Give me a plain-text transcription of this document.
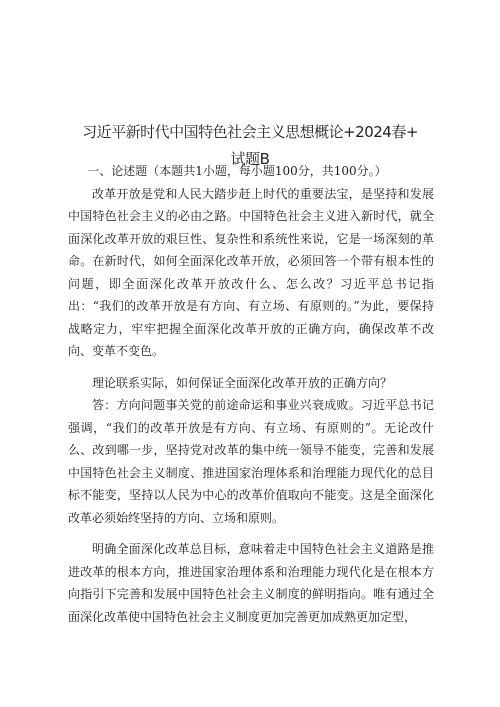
习近平新时代中国特色社会主义思想概论+2024春+
试题B

一、论述题（本题共1小题，每小题100分，共100分。）

改革开放是党和人民大踏步赶上时代的重要法宝，是坚持和发展中国特色社会主义的必由之路。中国特色社会主义进入新时代，就全面深化改革开放的艰巨性、复杂性和系统性来说，它是一场深刻的革命。在新时代，如何全面深化改革开放，必须回答一个带有根本性的问题，即全面深化改革开放改什么、怎么改？习近平总书记指出：“我们的改革开放是有方向、有立场、有原则的。”为此，要保持战略定力，牢牢把握全面深化改革开放的正确方向，确保改革不改向、变革不变色。

理论联系实际，如何保证全面深化改革开放的正确方向？

答：方向问题事关党的前途命运和事业兴衰成败。习近平总书记强调，“我们的改革开放是有方向、有立场、有原则的”。无论改什么、改到哪一步，坚持党对改革的集中统一领导不能变，完善和发展中国特色社会主义制度、推进国家治理体系和治理能力现代化的总目标不能变，坚持以人民为中心的改革价值取向不能变。这是全面深化改革必须始终坚持的方向、立场和原则。

明确全面深化改革总目标，意味着走中国特色社会主义道路是推进改革的根本方向，推进国家治理体系和治理能力现代化是在根本方向指引下完善和发展中国特色社会主义制度的鲜明指向。唯有通过全面深化改革使中国特色社会主义制度更加完善更加成熟更加定型，
